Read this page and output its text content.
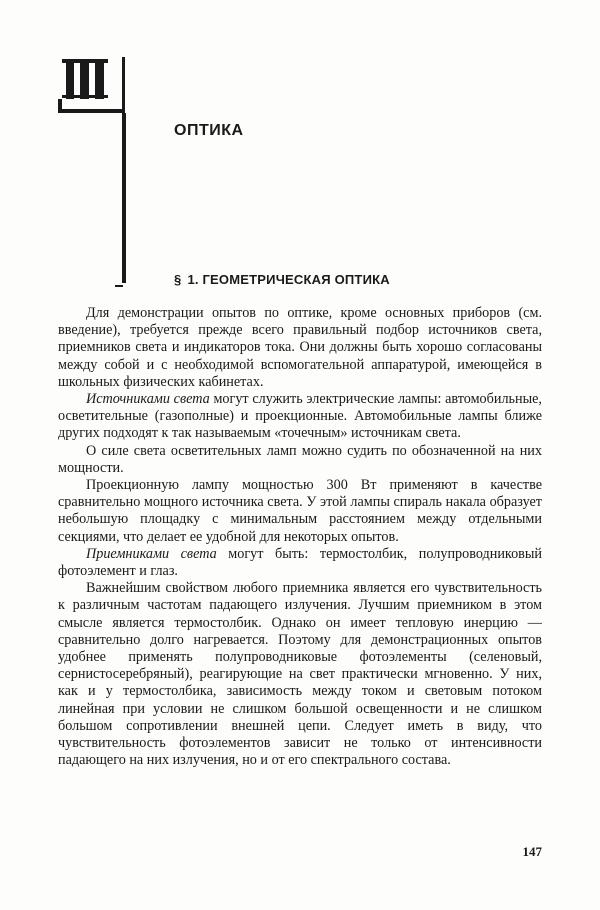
ОПТИКА
§ 1. ГЕОМЕТРИЧЕСКАЯ ОПТИКА

Для демонстрации опытов по оптике, кроме основных приборов (см. введение), требуется прежде всего правильный подбор источников света, приемников света и индикаторов тока. Они должны быть хорошо согласованы между собой и с необходимой вспомогательной аппаратурой, имеющейся в школьных физических кабинетах.

Источниками света могут служить электрические лампы: автомобильные, осветительные (газополные) и проекционные. Автомобильные лампы ближе других подходят к так называемым «точечным» источникам света.

О силе света осветительных ламп можно судить по обозначенной на них мощности.

Проекционную лампу мощностью 300 Вт применяют в качестве сравнительно мощного источника света. У этой лампы спираль накала образует небольшую площадку с минимальным расстоянием между отдельными секциями, что делает ее удобной для некоторых опытов.

Приемниками света могут быть: термостолбик, полупроводниковый фотоэлемент и глаз.

Важнейшим свойством любого приемника является его чувствительность к различным частотам падающего излучения. Лучшим приемником в этом смысле является термостолбик. Однако он имеет тепловую инерцию — сравнительно долго нагревается. Поэтому для демонстрационных опытов удобнее применять полупроводниковые фотоэлементы (селеновый, сернистосеребряный), реагирующие на свет практически мгновенно. У них, как и у термостолбика, зависимость между током и световым потоком линейная при условии не слишком большой освещенности и не слишком большом сопротивлении внешней цепи. Следует иметь в виду, что чувствительность фотоэлементов зависит не только от интенсивности падающего на них излучения, но и от его спектрального состава.

147
